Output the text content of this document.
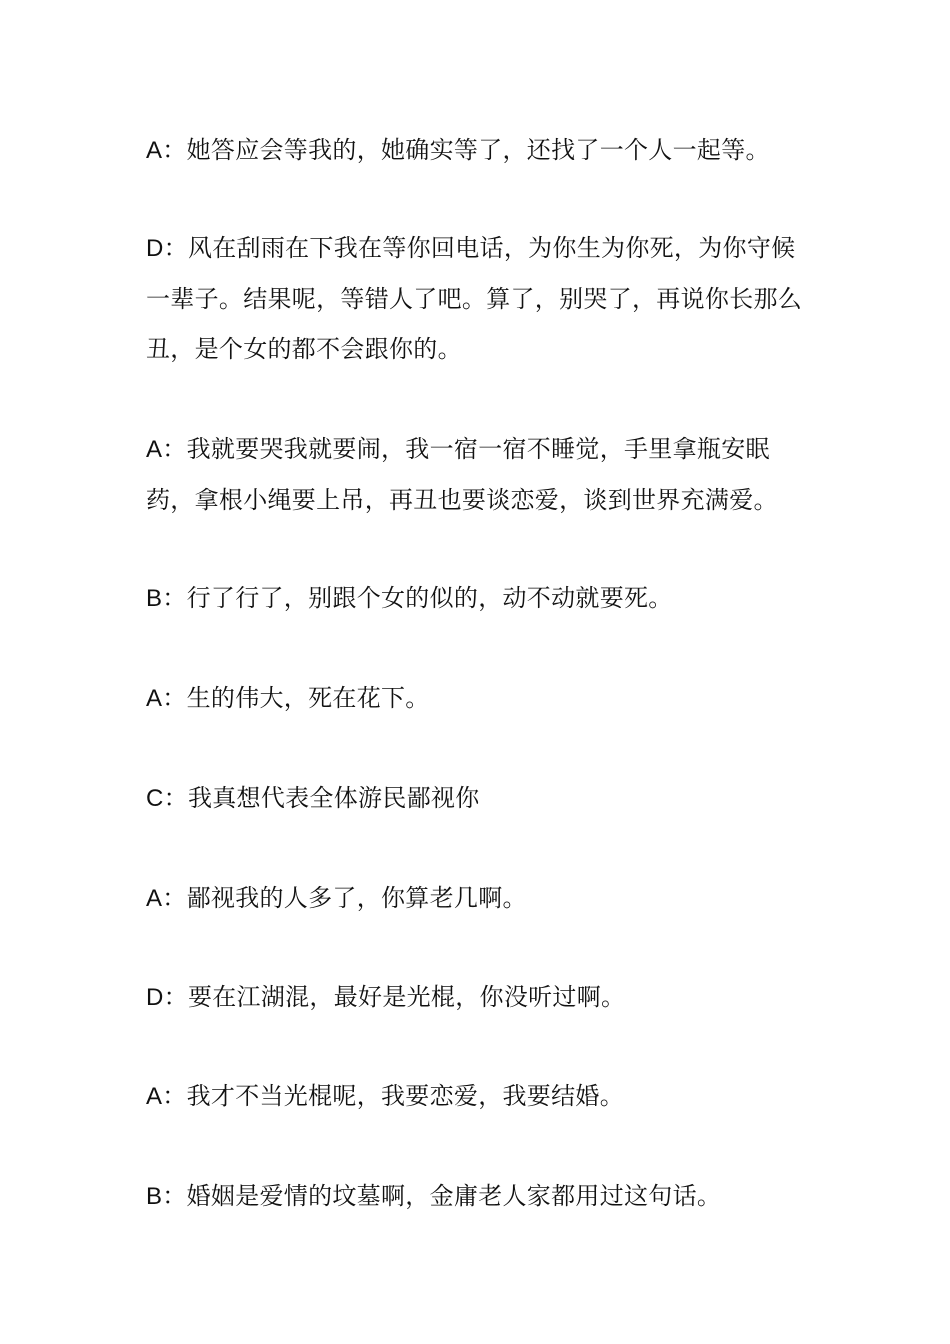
A：她答应会等我的，她确实等了，还找了一个人一起等。

D：风在刮雨在下我在等你回电话，为你生为你死，为你守候一辈子。结果呢，等错人了吧。算了，别哭了，再说你长那么丑，是个女的都不会跟你的。

A：我就要哭我就要闹，我一宿一宿不睡觉，手里拿瓶安眠药，拿根小绳要上吊，再丑也要谈恋爱，谈到世界充满爱。

B：行了行了，别跟个女的似的，动不动就要死。

A：生的伟大，死在花下。

C：我真想代表全体游民鄙视你

A：鄙视我的人多了，你算老几啊。

D：要在江湖混，最好是光棍，你没听过啊。

A：我才不当光棍呢，我要恋爱，我要结婚。

B：婚姻是爱情的坟墓啊，金庸老人家都用过这句话。
